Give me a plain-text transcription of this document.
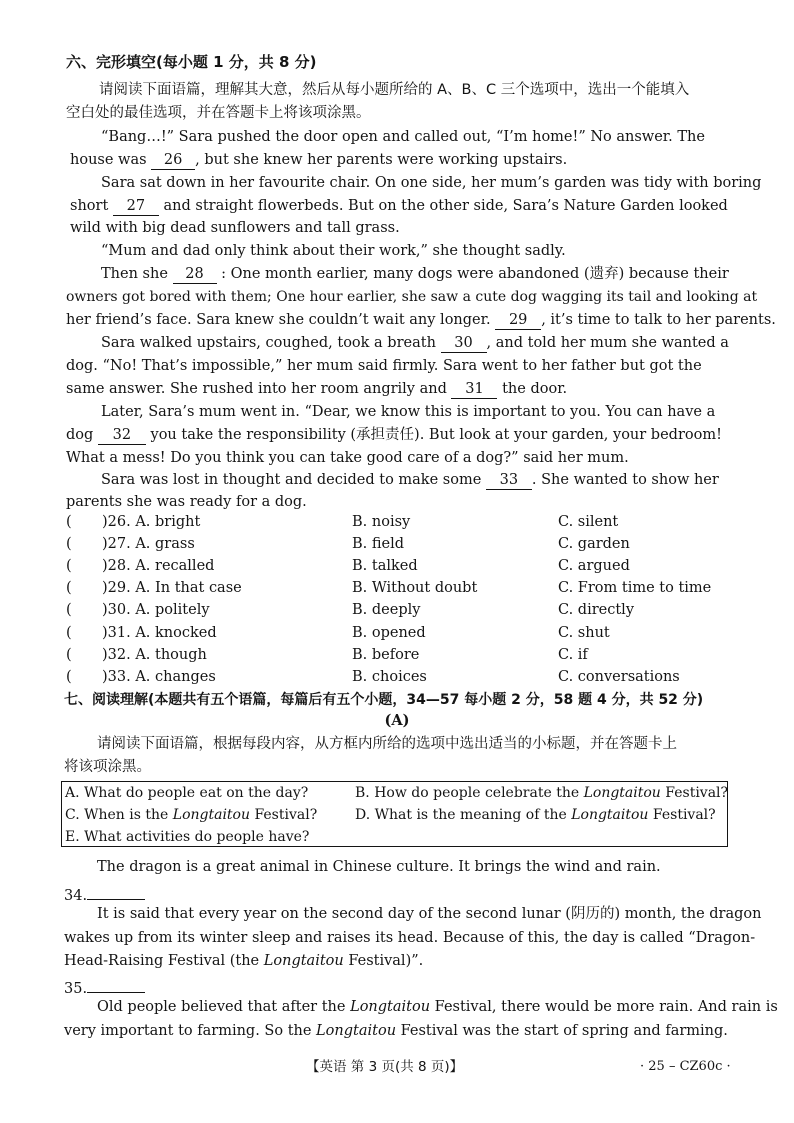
六、完形填空(每小题 1 分，共 8 分)
请阅读下面语篇，理解其大意，然后从每小题所给的 A、B、C 三个选项中，选出一个能填入
空白处的最佳选项，并在答题卡上将该项涂黑。
“Bang…!” Sara pushed the door open and called out, “I’m home!” No answer. The
house was 26 , but she knew her parents were working upstairs.
Sara sat down in her favourite chair. On one side, her mum’s garden was tidy with boring
short 27 and straight flowerbeds. But on the other side, Sara’s Nature Garden looked
wild with big dead sunflowers and tall grass.
“Mum and dad only think about their work,” she thought sadly.
Then she 28 : One month earlier, many dogs were abandoned (遗弃) because their
owners got bored with them; One hour earlier, she saw a cute dog wagging its tail and looking at
her friend’s face. Sara knew she couldn’t wait any longer. 29 , it’s time to talk to her parents.
Sara walked upstairs, coughed, took a breath 30 , and told her mum she wanted a
dog. “No! That’s impossible,” her mum said firmly. Sara went to her father but got the
same answer. She rushed into her room angrily and 31 the door.
Later, Sara’s mum went in. “Dear, we know this is important to you. You can have a
dog 32 you take the responsibility (承担责任). But look at your garden, your bedroom!
What a mess! Do you think you can take good care of a dog?” said her mum.
Sara was lost in thought and decided to make some 33 . She wanted to show her
parents she was ready for a dog.
( )26. A. bright	B. noisy	C. silent
( )27. A. grass	B. field	C. garden
( )28. A. recalled	B. talked	C. argued
( )29. A. In that case	B. Without doubt	C. From time to time
( )30. A. politely	B. deeply	C. directly
( )31. A. knocked	B. opened	C. shut
( )32. A. though	B. before	C. if
( )33. A. changes	B. choices	C. conversations
七、阅读理解(本题共有五个语篇，每篇后有五个小题，34—57 每小题 2 分，58 题 4 分，共 52 分)
(A)
请阅读下面语篇，根据每段内容，从方框内所给的选项中选出适当的小标题，并在答题卡上
将该项涂黑。
A. What do people eat on the day?	B. How do people celebrate the Longtaitou Festival?
C. When is the Longtaitou Festival?	D. What is the meaning of the Longtaitou Festival?
E. What activities do people have?
The dragon is a great animal in Chinese culture. It brings the wind and rain.
34.
It is said that every year on the second day of the second lunar (阴历的) month, the dragon
wakes up from its winter sleep and raises its head. Because of this, the day is called “Dragon-
Head-Raising Festival (the Longtaitou Festival)”.
35.
Old people believed that after the Longtaitou Festival, there would be more rain. And rain is
very important to farming. So the Longtaitou Festival was the start of spring and farming.
【英语 第 3 页(共 8 页)】	· 25 – CZ60c ·
